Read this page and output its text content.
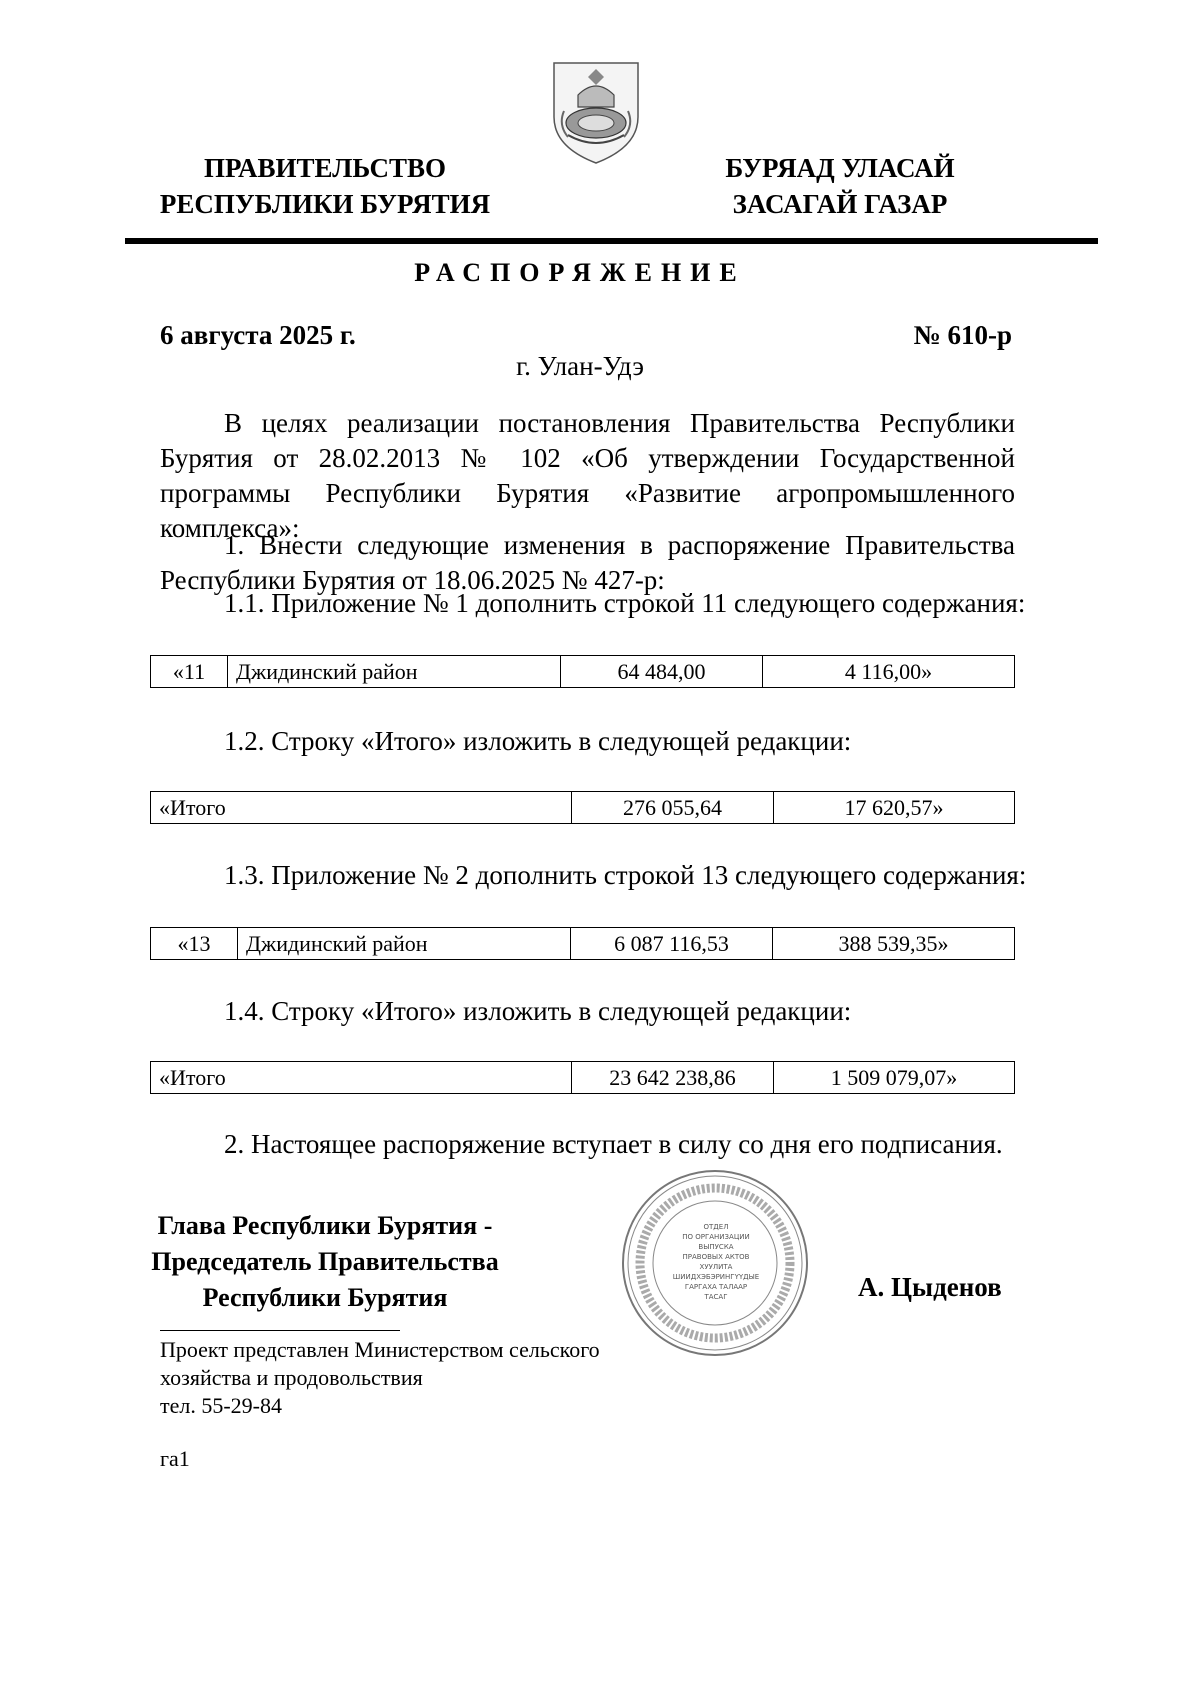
ПРАВИТЕЛЬСТВО
РЕСПУБЛИКИ БУРЯТИЯ
БУРЯАД УЛАСАЙ
ЗАСАГАЙ ГАЗАР
РАСПОРЯЖЕНИЕ
6 августа 2025 г.	№ 610-р
г. Улан-Удэ
В целях реализации постановления Правительства Республики Бурятия от 28.02.2013 № 102 «Об утверждении Государственной программы Республики Бурятия «Развитие агропромышленного комплекса»:
1. Внести следующие изменения в распоряжение Правительства Республики Бурятия от 18.06.2025 № 427-р:
1.1. Приложение № 1 дополнить строкой 11 следующего содержания:
«11	Джидинский район	64 484,00	4 116,00»
1.2. Строку «Итого» изложить в следующей редакции:
«Итого	276 055,64	17 620,57»
1.3. Приложение № 2 дополнить строкой 13 следующего содержания:
«13	Джидинский район	6 087 116,53	388 539,35»
1.4. Строку «Итого» изложить в следующей редакции:
«Итого	23 642 238,86	1 509 079,07»
2. Настоящее распоряжение вступает в силу со дня его подписания.
Глава Республики Бурятия -
Председатель Правительства
Республики Бурятия	А. Цыденов
ОТДЕЛ
ПО ОРГАНИЗАЦИИ
ВЫПУСКА
ПРАВОВЫХ АКТОВ
ХУУЛИТА
ШИИДХЭБЭРИНГҮҮДЫЕ
ГАРГАХА ТАЛААР
ТАСАГ
Проект представлен Министерством сельского
хозяйства и продовольствия
тел. 55-29-84
га1
